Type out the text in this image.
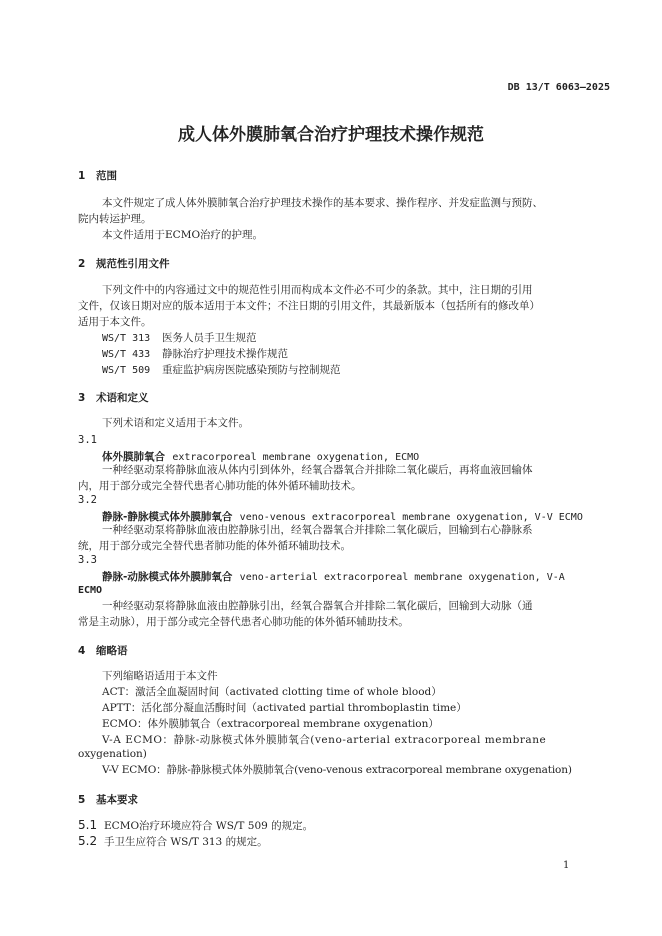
DB 13/T 6063—2025
成人体外膜肺氧合治疗护理技术操作规范
1 范围
本文件规定了成人体外膜肺氧合治疗护理技术操作的基本要求、操作程序、并发症监测与预防、
院内转运护理。
本文件适用于ECMO治疗的护理。
2 规范性引用文件
下列文件中的内容通过文中的规范性引用而构成本文件必不可少的条款。其中，注日期的引用
文件，仅该日期对应的版本适用于本文件；不注日期的引用文件，其最新版本（包括所有的修改单）
适用于本文件。
WS/T 313 医务人员手卫生规范
WS/T 433 静脉治疗护理技术操作规范
WS/T 509 重症监护病房医院感染预防与控制规范
3 术语和定义
下列术语和定义适用于本文件。
3.1
体外膜肺氧合 extracorporeal membrane oxygenation, ECMO
一种经驱动泵将静脉血液从体内引到体外，经氧合器氧合并排除二氧化碳后，再将血液回输体
内，用于部分或完全替代患者心肺功能的体外循环辅助技术。
3.2
静脉-静脉模式体外膜肺氧合 veno-venous extracorporeal membrane oxygenation, V-V ECMO
一种经驱动泵将静脉血液由腔静脉引出，经氧合器氧合并排除二氧化碳后，回输到右心静脉系
统，用于部分或完全替代患者肺功能的体外循环辅助技术。
3.3
静脉-动脉模式体外膜肺氧合 veno-arterial extracorporeal membrane oxygenation, V-A
ECMO
一种经驱动泵将静脉血液由腔静脉引出，经氧合器氧合并排除二氧化碳后，回输到大动脉（通
常是主动脉），用于部分或完全替代患者心肺功能的体外循环辅助技术。
4 缩略语
下列缩略语适用于本文件
ACT：激活全血凝固时间（activated clotting time of whole blood）
APTT：活化部分凝血活酶时间（activated partial thromboplastin time）
ECMO：体外膜肺氧合（extracorporeal membrane oxygenation）
V-A ECMO：静脉-动脉模式体外膜肺氧合(veno-arterial extracorporeal membrane
oxygenation)
V-V ECMO：静脉-静脉模式体外膜肺氧合(veno-venous extracorporeal membrane oxygenation)
5 基本要求
5.1 ECMO治疗环境应符合 WS/T 509 的规定。
5.2 手卫生应符合 WS/T 313 的规定。
1
